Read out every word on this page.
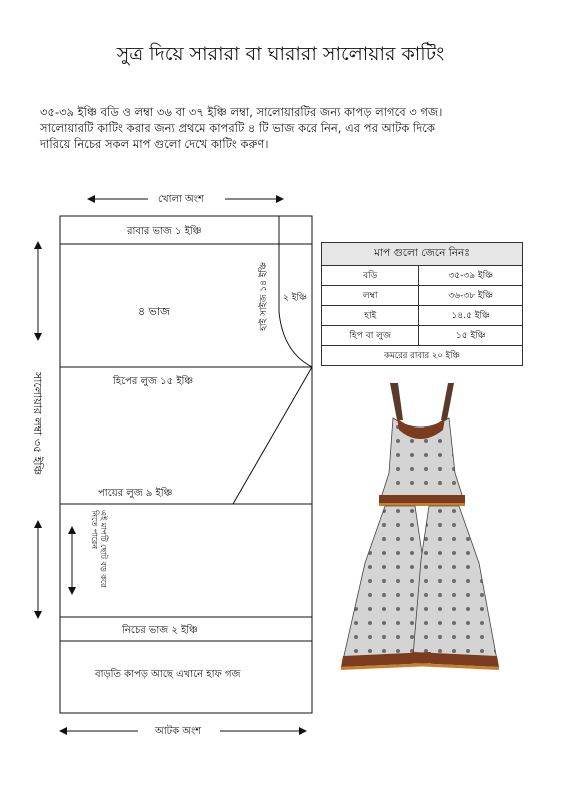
সুত্র দিয়ে সারারা বা ঘারারা সালোয়ার কাটিং
৩৫-৩৯ ইঞ্চি বডি ও লম্বা ৩৬ বা ৩৭ ইঞ্চি লম্বা, সালোয়ারটির জন্য কাপড় লাগবে ৩ গজ।
সালোয়ারটি কাটিং করার জন্য প্রথমে কাপরটি ৪ টি ভাজ করে নিন, এর পর আটক দিকে
দারিয়ে নিচের সকল মাপ গুলো দেখে কাটিং করুণ।
খোলা অংশ
আটক অংশ
রাবার ভাজ ১ ইঞ্চি
৪ ভাজ	হাই সাইজ ১৪ ইঞ্চি ২ ইঞ্চি
হিপের লুজ ১৫ ইঞ্চি
পায়ের লুজ ৯ ইঞ্চি
সালোয়ার লম্বা ৩৫ ইঞ্চি
এই মাপটি ছোট বড় করে নিতে পারেন
নিচের ভাজ ২ ইঞ্চি
বাড়তি কাপড় আছে এখানে হাফ গজ
মাপ গুলো জেনে নিনঃ	
বডি	৩৫-৩৯ ইঞ্চি
লম্বা	৩৬-৩৮ ইঞ্চি
হাই	১৪.৫ ইঞ্চি
হিপ বা লুজ	১৫ ইঞ্চি
কমরের রাবার ২০ ইঞ্চি	
